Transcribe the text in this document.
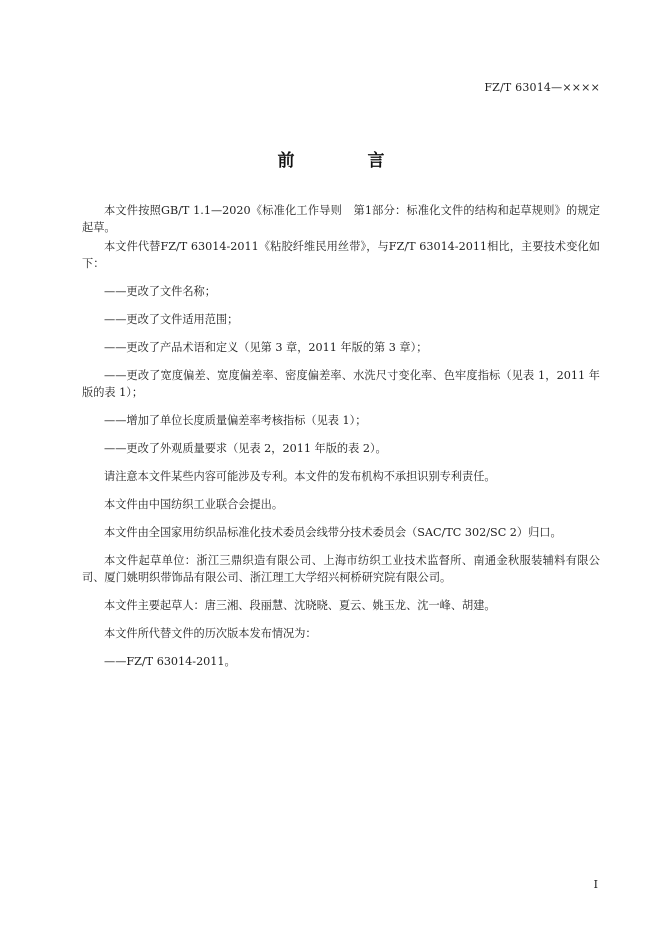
FZ/T 63014—××××
前　言

本文件按照GB/T 1.1—2020《标准化工作导则　第1部分：标准化文件的结构和起草规则》的规定起草。

本文件代替FZ/T 63014-2011《粘胶纤维民用丝带》，与FZ/T 63014-2011相比，主要技术变化如下：

——更改了文件名称；

——更改了文件适用范围；

——更改了产品术语和定义（见第 3 章，2011 年版的第 3 章）；

——更改了宽度偏差、宽度偏差率、密度偏差率、水洗尺寸变化率、色牢度指标（见表 1，2011 年版的表 1）；

——增加了单位长度质量偏差率考核指标（见表 1）；

——更改了外观质量要求（见表 2，2011 年版的表 2）。

请注意本文件某些内容可能涉及专利。本文件的发布机构不承担识别专利责任。

本文件由中国纺织工业联合会提出。

本文件由全国家用纺织品标准化技术委员会线带分技术委员会（SAC/TC 302/SC 2）归口。

本文件起草单位：浙江三鼎织造有限公司、上海市纺织工业技术监督所、南通金秋服装辅料有限公司、厦门姚明织带饰品有限公司、浙江理工大学绍兴柯桥研究院有限公司。

本文件主要起草人：唐三湘、段丽慧、沈晓晓、夏云、姚玉龙、沈一峰、胡建。

本文件所代替文件的历次版本发布情况为：

——FZ/T 63014-2011。

I
